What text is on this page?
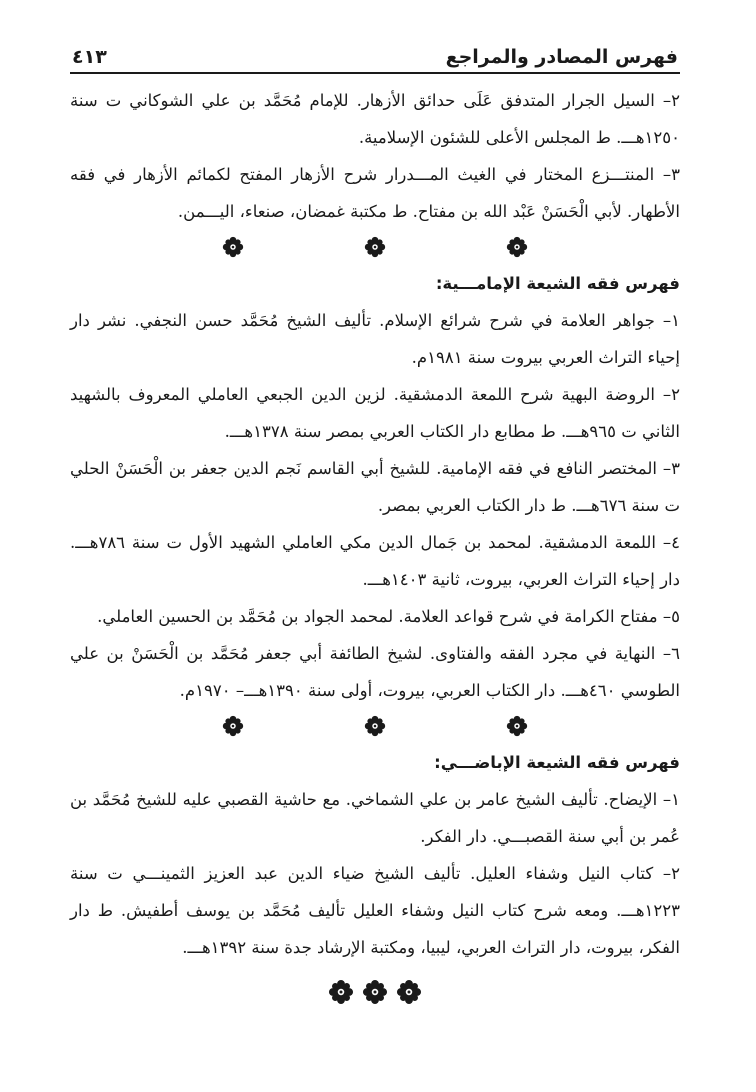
فهرس المصادر والمراجع
٤١٣

٢– السيل الجرار المتدفق عَلَى حدائق الأزهار. للإمام مُحَمَّد بن علي الشوكاني ت سنة ١٢٥٠هـــ. ط المجلس الأعلى للشئون الإسلامية.

٣– المنتـــزع المختار في الغيث المـــدرار شرح الأزهار المفتح لكمائم الأزهار في فقه الأطهار. لأبي الْحَسَنْ عَبْد الله بن مفتاح. ط مكتبة غمضان، صنعاء، اليـــمن.

فهرس فقه الشيعة الإمامـــية:

١– جواهر العلامة في شرح شرائع الإسلام. تأليف الشيخ مُحَمَّد حسن النجفي. نشر دار إحياء التراث العربي بيروت سنة ١٩٨١م.

٢– الروضة البهية شرح اللمعة الدمشقية. لزين الدين الجبعي العاملي المعروف بالشهيد الثاني ت ٩٦٥هـــ. ط مطابع دار الكتاب العربي بمصر سنة ١٣٧٨هـــ.

٣– المختصر النافع في فقه الإمامية. للشيخ أبي القاسم نَجم الدين جعفر بن الْحَسَنْ الحلي ت سنة ٦٧٦هـــ. ط دار الكتاب العربي بمصر.

٤– اللمعة الدمشقية. لمحمد بن جَمال الدين مكي العاملي الشهيد الأول ت سنة ٧٨٦هـــ. دار إحياء التراث العربي، بيروت، ثانية ١٤٠٣هـــ.

٥– مفتاح الكرامة في شرح قواعد العلامة. لمحمد الجواد بن مُحَمَّد بن الحسين العاملي.

٦– النهاية في مجرد الفقه والفتاوى. لشيخ الطائفة أبي جعفر مُحَمَّد بن الْحَسَنْ بن علي الطوسي ٤٦٠هـــ. دار الكتاب العربي، بيروت، أولى سنة ١٣٩٠هـــ– ١٩٧٠م.

فهرس فقه الشيعة الإباضـــي:

١– الإيضاح. تأليف الشيخ عامر بن علي الشماخي. مع حاشية القصبي عليه للشيخ مُحَمَّد بن عُمر بن أبي سنة القصبـــي. دار الفكر.

٢– كتاب النيل وشفاء العليل. تأليف الشيخ ضياء الدين عبد العزيز الثمينـــي ت سنة ١٢٢٣هـــ. ومعه شرح كتاب النيل وشفاء العليل تأليف مُحَمَّد بن يوسف أطفيش. ط دار الفكر، بيروت، دار التراث العربي، ليبيا، ومكتبة الإرشاد جدة سنة ١٣٩٢هـــ.
